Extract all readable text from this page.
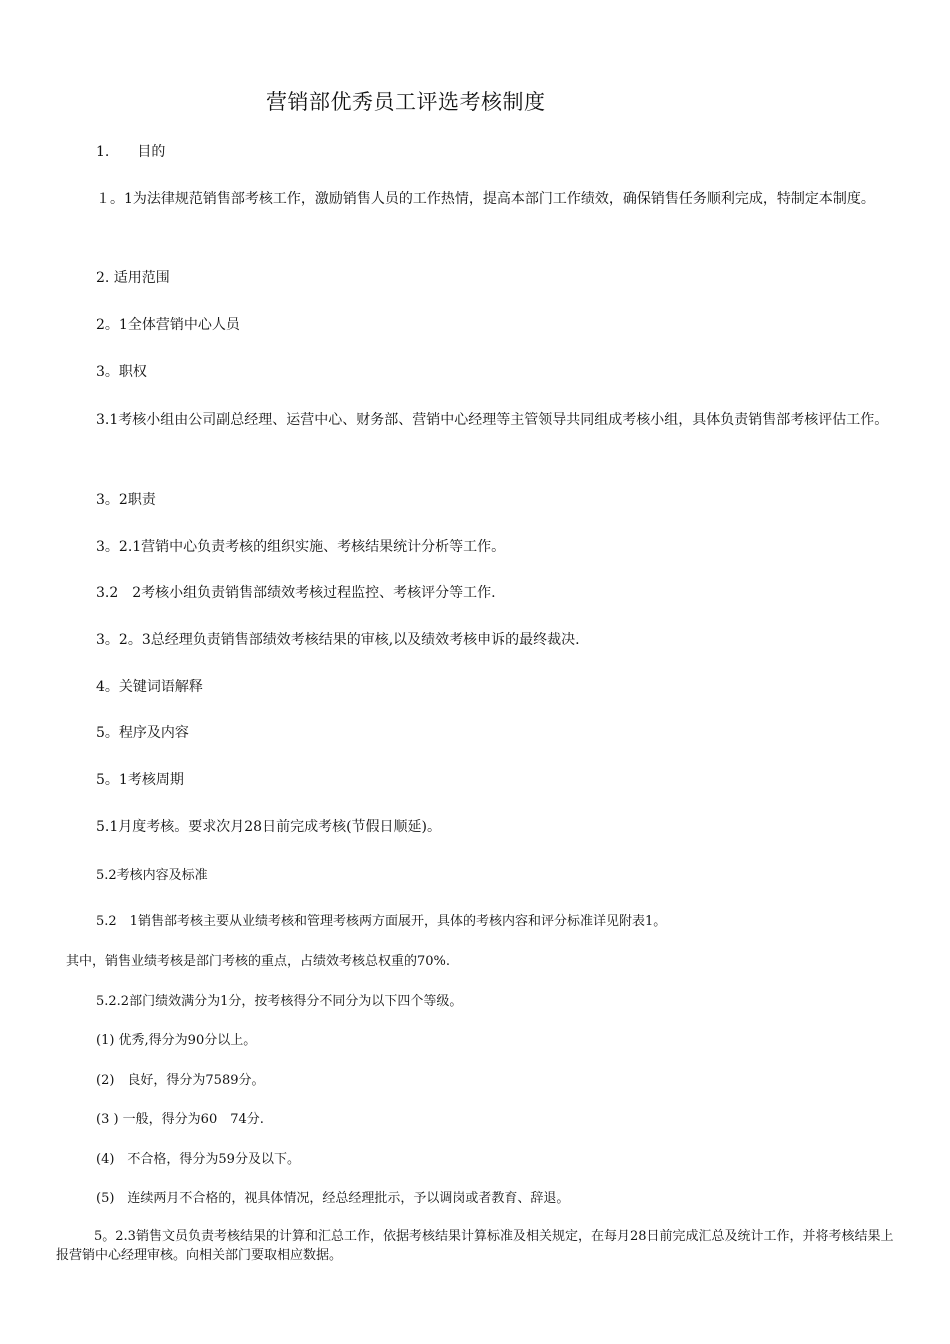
营销部优秀员工评选考核制度
1.　　目的
１。1为法律规范销售部考核工作，激励销售人员的工作热情，提高本部门工作绩效，确保销售任务顺利完成，特制定本制度。
2. 适用范围
2。1全体营销中心人员
3。职权
3.1考核小组由公司副总经理、运营中心、财务部、营销中心经理等主管领导共同组成考核小组，具体负责销售部考核评估工作。
3。2职责
3。2.1营销中心负责考核的组织实施、考核结果统计分析等工作。
3.2　2考核小组负责销售部绩效考核过程监控、考核评分等工作.
3。2。3总经理负责销售部绩效考核结果的审核,以及绩效考核申诉的最终裁决.
4。关键词语解释
5。程序及内容
5。1考核周期
5.1月度考核。要求次月28日前完成考核(节假日顺延)。
5.2考核内容及标准
5.2　1销售部考核主要从业绩考核和管理考核两方面展开，具体的考核内容和评分标准详见附表1。
其中，销售业绩考核是部门考核的重点，占绩效考核总权重的70%.
5.2.2部门绩效满分为1分，按考核得分不同分为以下四个等级。
(1) 优秀,得分为90分以上。
(2)　良好，得分为7589分。
(3 ) 一般，得分为60　74分.
(4)　不合格，得分为59分及以下。
(5)　连续两月不合格的，视具体情况，经总经理批示，予以调岗或者教育、辞退。
5。2.3销售文员负责考核结果的计算和汇总工作，依据考核结果计算标准及相关规定，在每月28日前完成汇总及统计工作，并将考核结果上报营销中心经理审核。向相关部门要取相应数据。
